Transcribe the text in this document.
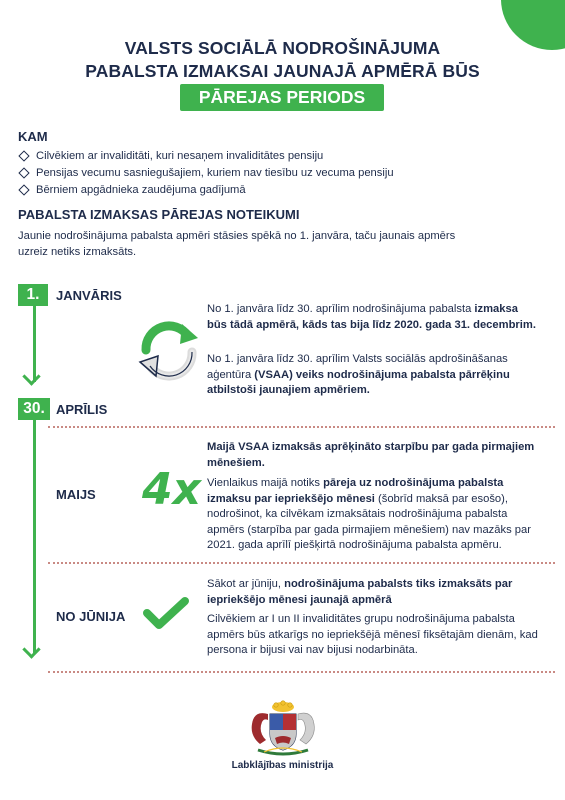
VALSTS SOCIĀLĀ NODROŠINĀJUMA
PABALSTA IZMAKSAI JAUNAJĀ APMĒRĀ BŪS
PĀREJAS PERIODS
KAM
Cilvēkiem ar invaliditāti, kuri nesaņem invaliditātes pensiju
Pensijas vecumu sasniegušajiem, kuriem nav tiesību uz vecuma pensiju
Bērniem apgādnieka zaudējuma gadījumā
PABALSTA IZMAKSAS PĀREJAS NOTEIKUMI
Jaunie nodrošinājuma pabalsta apmēri stāsies spēkā no 1. janvāra, taču jaunais apmērs uzreiz netiks izmaksāts.
1.	JANVĀRIS
No 1. janvāra līdz 30. aprīlim nodrošinājuma pabalsta izmaksa būs tādā apmērā, kāds tas bija līdz 2020. gada 31. decembrim.
No 1. janvāra līdz 30. aprīlim Valsts sociālās apdrošināšanas aģentūra (VSAA) veiks nodrošinājuma pabalsta pārrēķinu atbilstoši jaunajiem apmēriem.
30. APRĪLIS
MAIJS 4x
Maijā VSAA izmaksās aprēķināto starpību par gada pirmajiem mēnešiem.
Vienlaikus maijā notiks pāreja uz nodrošinājuma pabalsta izmaksu par iepriekšējo mēnesi (šobrīd maksā par esošo), nodrošinot, ka cilvēkam izmaksātais nodrošinājuma pabalsta apmērs (starpība par gada pirmajiem mēnešiem) nav mazāks par 2021. gada aprīlī piešķirtā nodrošinājuma pabalsta apmēru.
NO JŪNIJA
Sākot ar jūniju, nodrošinājuma pabalsts tiks izmaksāts par iepriekšējo mēnesi jaunajā apmērā
Cilvēkiem ar I un II invaliditātes grupu nodrošinājuma pabalsta apmērs būs atkarīgs no iepriekšējā mēnesī fiksētajām dienām, kad persona ir bijusi vai nav bijusi nodarbināta.
Labklājības ministrija
